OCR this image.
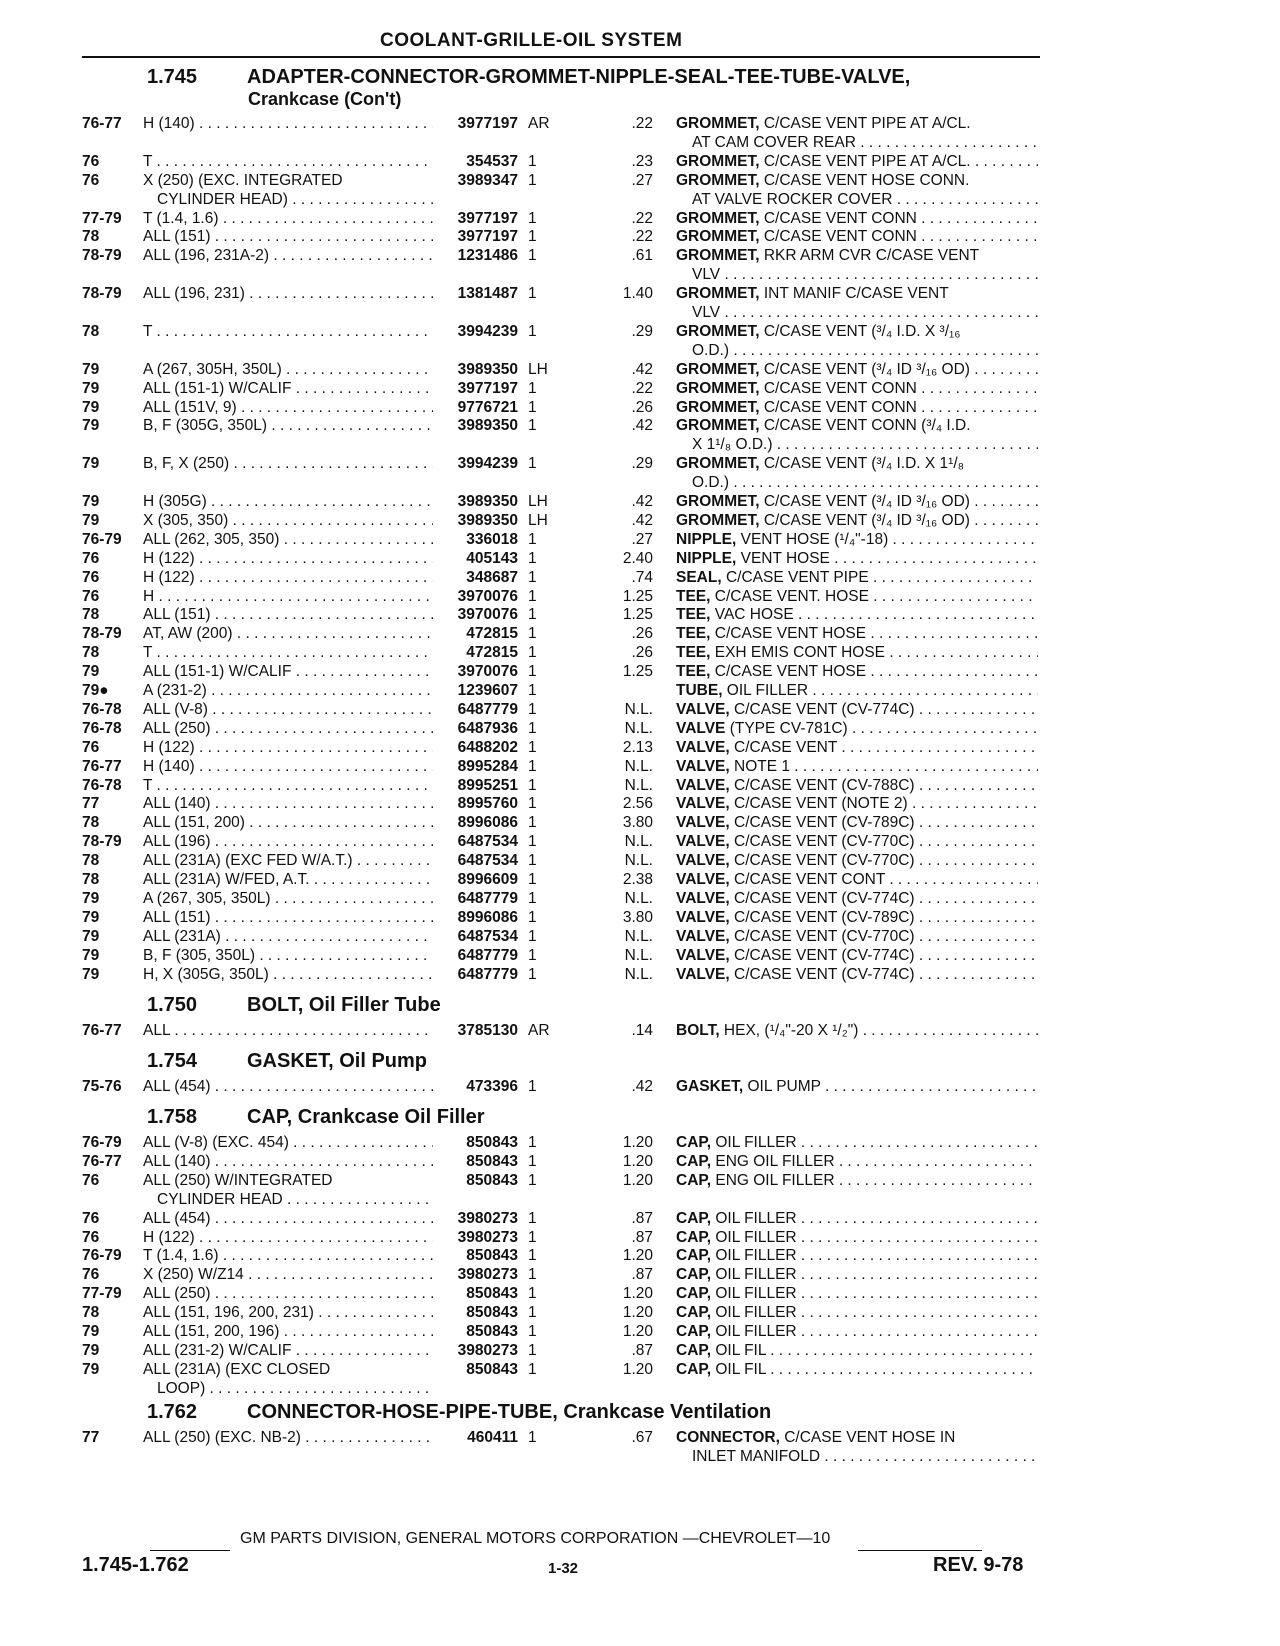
COOLANT-GRILLE-OIL SYSTEM
1.745 ADAPTER-CONNECTOR-GROMMET-NIPPLE-SEAL-TEE-TUBE-VALVE,
Crankcase (Con't)
76-77	H (140) . . .	3977197 AR	.22 GROMMET, C/CASE VENT PIPE AT A/CL.
AT CAM COVER REAR . . .
76	T . . .	354537 1	.23 GROMMET, C/CASE VENT PIPE AT A/CL. . . .
76	X (250) (EXC. INTEGRATED	3989347 1	.27 GROMMET, C/CASE VENT HOSE CONN.
CYLINDER HEAD) . . .	AT VALVE ROCKER COVER . . .
77-79	T (1.4, 1.6) . . .	3977197 1	.22 GROMMET, C/CASE VENT CONN . . .
78	ALL (151) . . .	3977197 1	.22 GROMMET, C/CASE VENT CONN . . .
78-79	ALL (196, 231A-2) . . .	1231486 1	.61 GROMMET, RKR ARM CVR C/CASE VENT
VLV . . .
78-79	ALL (196, 231) . . .	1381487 1	1.40 GROMMET, INT MANIF C/CASE VENT
VLV . . .
78	T . . .	3994239 1	.29 GROMMET, C/CASE VENT (³/₄ I.D. X ³/₁₆
O.D.) . . .
79	A (267, 305H, 350L) . . .	3989350 LH	.42 GROMMET, C/CASE VENT (³/₄ ID ³/₁₆ OD) . . .
79	ALL (151-1) W/CALIF . . .	3977197 1	.22 GROMMET, C/CASE VENT CONN . . .
79	ALL (151V, 9) . . .	9776721 1	.26 GROMMET, C/CASE VENT CONN . . .
79	B, F (305G, 350L) . . .	3989350 1	.42 GROMMET, C/CASE VENT CONN (³/₄ I.D.
X 1¹/₈ O.D.) . . .
79	B, F, X (250) . . .	3994239 1	.29 GROMMET, C/CASE VENT (³/₄ I.D. X 1¹/₈
O.D.) . . .
79	H (305G) . . .	3989350 LH	.42 GROMMET, C/CASE VENT (³/₄ ID ³/₁₆ OD) . . .
79	X (305, 350) . . .	3989350 LH	.42 GROMMET, C/CASE VENT (³/₄ ID ³/₁₆ OD) . . .
76-79	ALL (262, 305, 350) . . .	336018 1	.27 NIPPLE, VENT HOSE (¹/₄"-18) . . .
76	H (122) . . .	405143 1	2.40 NIPPLE, VENT HOSE . . .
76	H (122) . . .	348687 1	.74 SEAL, C/CASE VENT PIPE . . .
76	H . . .	3970076 1	1.25 TEE, C/CASE VENT. HOSE . . .
78	ALL (151) . . .	3970076 1	1.25 TEE, VAC HOSE . . .
78-79	AT, AW (200) . . .	472815 1	.26 TEE, C/CASE VENT HOSE . . .
78	T . . .	472815 1	.26 TEE, EXH EMIS CONT HOSE . . .
79	ALL (151-1) W/CALIF . . .	3970076 1	1.25 TEE, C/CASE VENT HOSE . . .
79●	A (231-2) . . .	1239607 1	TUBE, OIL FILLER . . .
76-78	ALL (V-8) . . .	6487779 1	N.L. VALVE, C/CASE VENT (CV-774C) . . .
76-78	ALL (250) . . .	6487936 1	N.L. VALVE (TYPE CV-781C) . . .
76	H (122) . . .	6488202 1	2.13 VALVE, C/CASE VENT . . .
76-77	H (140) . . .	8995284 1	N.L. VALVE, NOTE 1 . . .
76-78	T . . .	8995251 1	N.L. VALVE, C/CASE VENT (CV-788C) . . .
77	ALL (140) . . .	8995760 1	2.56 VALVE, C/CASE VENT (NOTE 2) . . .
78	ALL (151, 200) . . .	8996086 1	3.80 VALVE, C/CASE VENT (CV-789C) . . .
78-79	ALL (196) . . .	6487534 1	N.L. VALVE, C/CASE VENT (CV-770C) . . .
78	ALL (231A) (EXC FED W/A.T.) . . .	6487534 1	N.L. VALVE, C/CASE VENT (CV-770C) . . .
78	ALL (231A) W/FED, A.T. . . .	8996609 1	2.38 VALVE, C/CASE VENT CONT . . .
79	A (267, 305, 350L) . . .	6487779 1	N.L. VALVE, C/CASE VENT (CV-774C) . . .
79	ALL (151) . . .	8996086 1	3.80 VALVE, C/CASE VENT (CV-789C) . . .
79	ALL (231A) . . .	6487534 1	N.L. VALVE, C/CASE VENT (CV-770C) . . .
79	B, F (305, 350L) . . .	6487779 1	N.L. VALVE, C/CASE VENT (CV-774C) . . .
79	H, X (305G, 350L) . . .	6487779 1	N.L. VALVE, C/CASE VENT (CV-774C) . . .
1.750 BOLT, Oil Filler Tube
76-77	ALL . . .	3785130 AR	.14 BOLT, HEX, (¹/₄"-20 X ¹/₂") . . .
1.754 GASKET, Oil Pump
75-76	ALL (454) . . .	473396 1	.42 GASKET, OIL PUMP . . .
1.758 CAP, Crankcase Oil Filler
76-79	ALL (V-8) (EXC. 454) . . .	850843 1	1.20 CAP, OIL FILLER . . .
76-77	ALL (140) . . .	850843 1	1.20 CAP, ENG OIL FILLER . . .
76	ALL (250) W/INTEGRATED	850843 1	1.20 CAP, ENG OIL FILLER . . .
CYLINDER HEAD . . .
76	ALL (454) . . .	3980273 1	.87 CAP, OIL FILLER . . .
76	H (122) . . .	3980273 1	.87 CAP, OIL FILLER . . .
76-79	T (1.4, 1.6) . . .	850843 1	1.20 CAP, OIL FILLER . . .
76	X (250) W/Z14 . . .	3980273 1	.87 CAP, OIL FILLER . . .
77-79	ALL (250) . . .	850843 1	1.20 CAP, OIL FILLER . . .
78	ALL (151, 196, 200, 231) . . .	850843 1	1.20 CAP, OIL FILLER . . .
79	ALL (151, 200, 196) . . .	850843 1	1.20 CAP, OIL FILLER . . .
79	ALL (231-2) W/CALIF . . .	3980273 1	.87 CAP, OIL FIL . . .
79	ALL (231A) (EXC CLOSED	850843 1	1.20 CAP, OIL FIL . . .
LOOP) . . .
1.762 CONNECTOR-HOSE-PIPE-TUBE, Crankcase Ventilation
77	ALL (250) (EXC. NB-2) . . .	460411 1	.67 CONNECTOR, C/CASE VENT HOSE IN
INLET MANIFOLD . . .
GM PARTS DIVISION, GENERAL MOTORS CORPORATION —CHEVROLET—10
1.745-1.762	1-32	REV. 9-78
